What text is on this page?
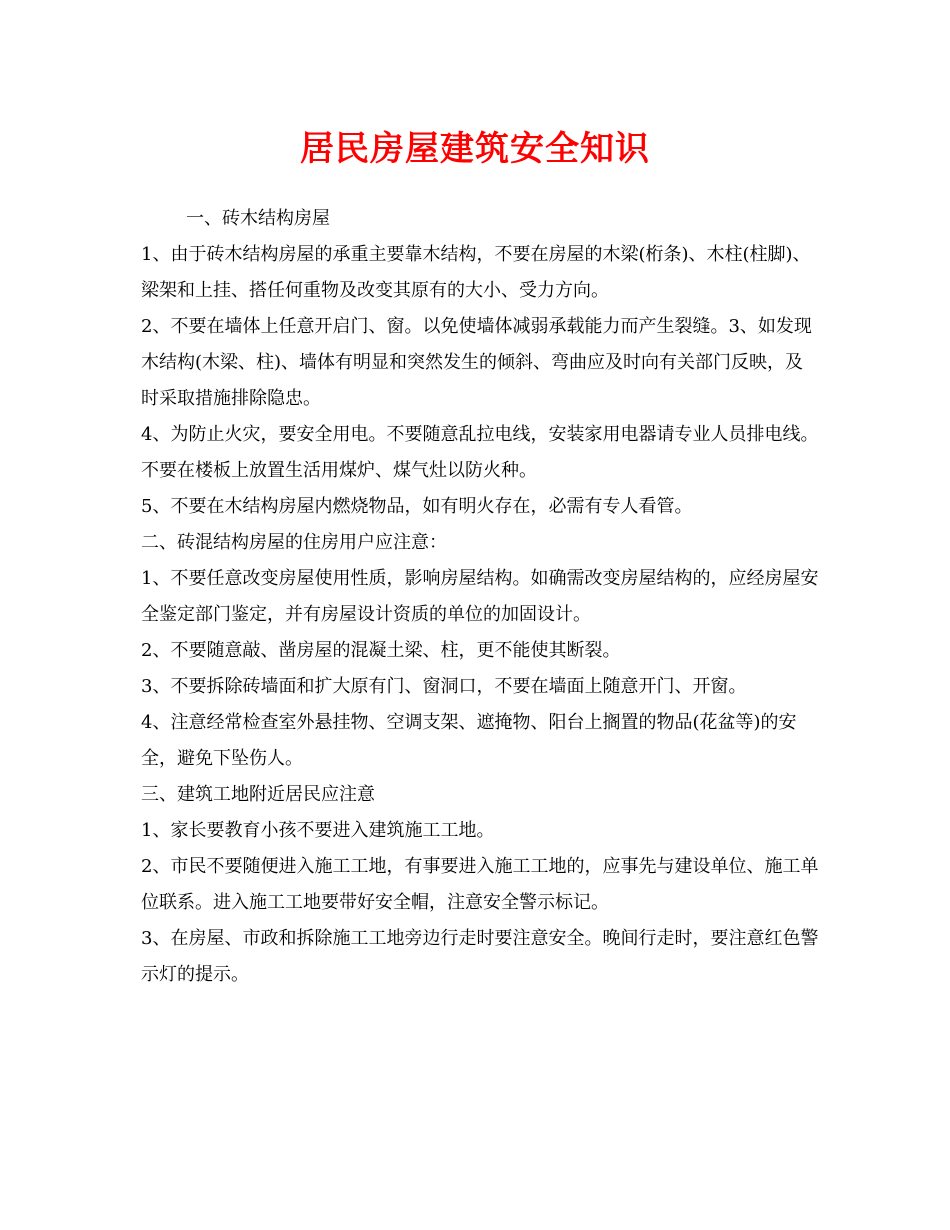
居民房屋建筑安全知识

一、砖木结构房屋

1、由于砖木结构房屋的承重主要靠木结构，不要在房屋的木梁(桁条)、木柱(柱脚)、梁架和上挂、搭任何重物及改变其原有的大小、受力方向。

2、不要在墙体上任意开启门、窗。以免使墙体减弱承载能力而产生裂缝。3、如发现木结构(木梁、柱)、墙体有明显和突然发生的倾斜、弯曲应及时向有关部门反映，及时采取措施排除隐忠。

4、为防止火灾，要安全用电。不要随意乱拉电线，安装家用电器请专业人员排电线。不要在楼板上放置生活用煤炉、煤气灶以防火种。

5、不要在木结构房屋内燃烧物品，如有明火存在，必需有专人看管。

二、砖混结构房屋的住房用户应注意：

1、不要任意改变房屋使用性质，影响房屋结构。如确需改变房屋结构的，应经房屋安全鉴定部门鉴定，并有房屋设计资质的单位的加固设计。

2、不要随意敲、凿房屋的混凝土梁、柱，更不能使其断裂。

3、不要拆除砖墙面和扩大原有门、窗洞口，不要在墙面上随意开门、开窗。

4、注意经常检查室外悬挂物、空调支架、遮掩物、阳台上搁置的物品(花盆等)的安全，避免下坠伤人。

三、建筑工地附近居民应注意

1、家长要教育小孩不要进入建筑施工工地。

2、市民不要随便进入施工工地，有事要进入施工工地的，应事先与建设单位、施工单位联系。进入施工工地要带好安全帽，注意安全警示标记。

3、在房屋、市政和拆除施工工地旁边行走时要注意安全。晚间行走时，要注意红色警示灯的提示。
